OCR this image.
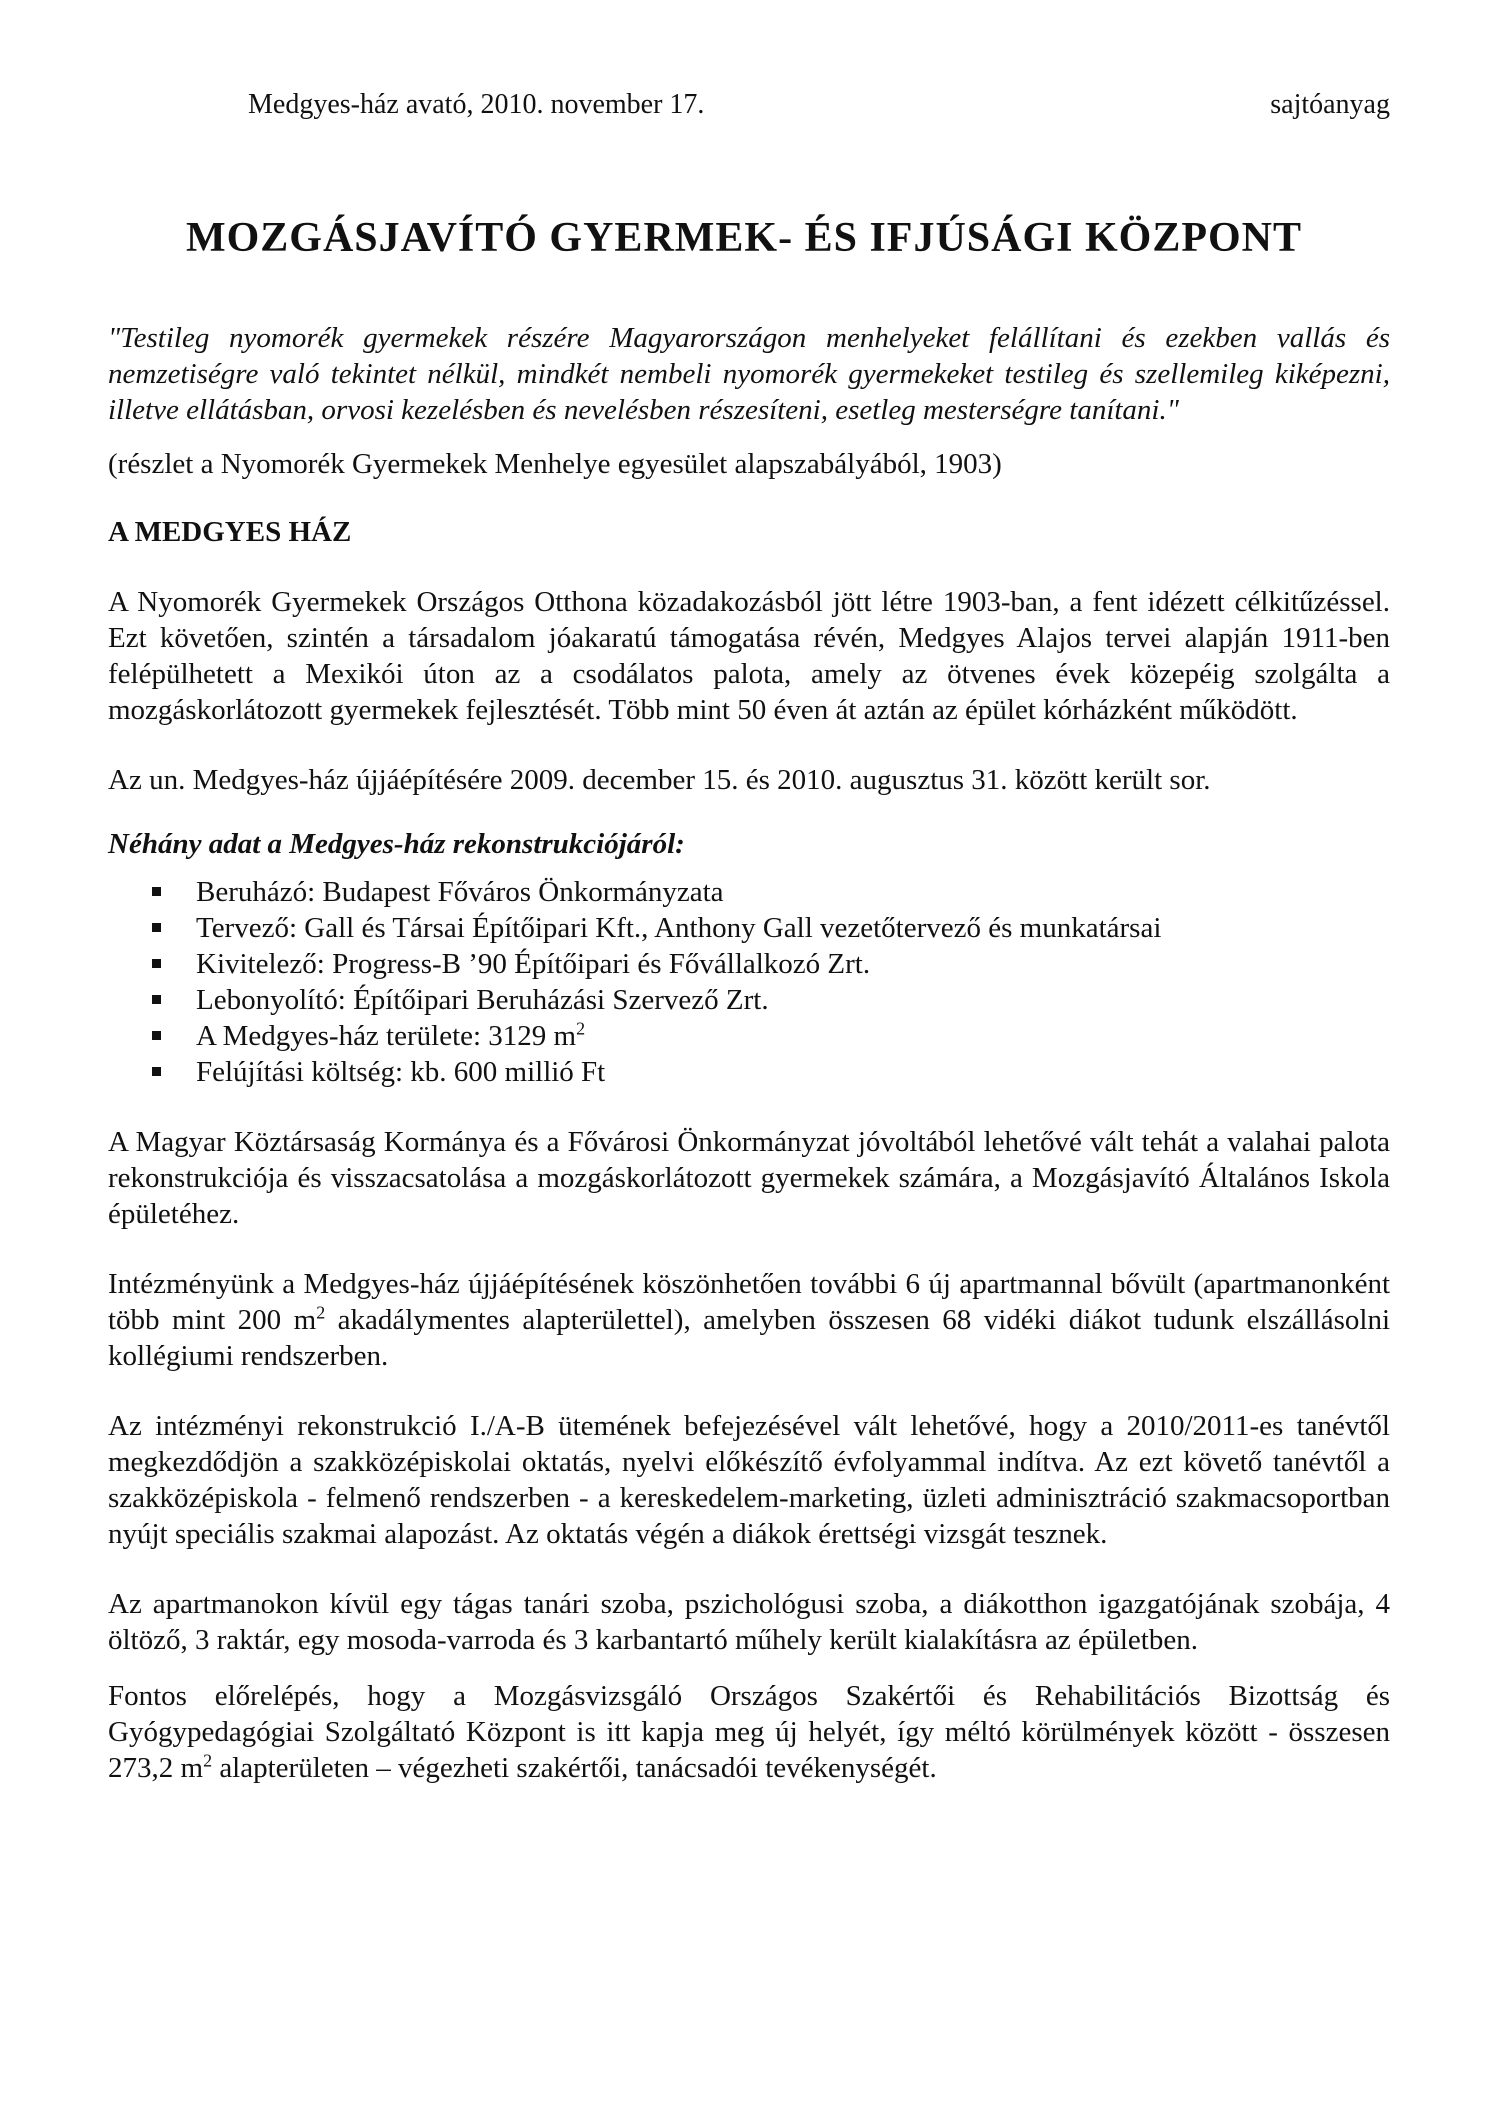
Medgyes-ház avató, 2010. november 17.	sajtóanyag
MOZGÁSJAVÍTÓ GYERMEK- ÉS IFJÚSÁGI KÖZPONT

"Testileg nyomorék gyermekek részére Magyarországon menhelyeket felállítani és ezekben vallás és nemzetiségre való tekintet nélkül, mindkét nembeli nyomorék gyermekeket testileg és szellemileg kiképezni, illetve ellátásban, orvosi kezelésben és nevelésben részesíteni, esetleg mesterségre tanítani."

(részlet a Nyomorék Gyermekek Menhelye egyesület alapszabályából, 1903)

A MEDGYES HÁZ

A Nyomorék Gyermekek Országos Otthona közadakozásból jött létre 1903-ban, a fent idézett célkitűzéssel. Ezt követően, szintén a társadalom jóakaratú támogatása révén, Medgyes Alajos tervei alapján 1911-ben felépülhetett a Mexikói úton az a csodálatos palota, amely az ötvenes évek közepéig szolgálta a mozgáskorlátozott gyermekek fejlesztését. Több mint 50 éven át aztán az épület kórházként működött.

Az un. Medgyes-ház újjáépítésére 2009. december 15. és 2010. augusztus 31. között került sor.

Néhány adat a Medgyes-ház rekonstrukciójáról:

Beruházó: Budapest Főváros Önkormányzata
Tervező: Gall és Társai Építőipari Kft., Anthony Gall vezetőtervező és munkatársai
Kivitelező: Progress-B ’90 Építőipari és Fővállalkozó Zrt.
Lebonyolító: Építőipari Beruházási Szervező Zrt.
A Medgyes-ház területe: 3129 $m^2$
Felújítási költség: kb. 600 millió Ft

A Magyar Köztársaság Kormánya és a Fővárosi Önkormányzat jóvoltából lehetővé vált tehát a valahai palota rekonstrukciója és visszacsatolása a mozgáskorlátozott gyermekek számára, a Mozgásjavító Általános Iskola épületéhez.

Intézményünk a Medgyes-ház újjáépítésének köszönhetően további 6 új apartmannal bővült (apartmanonként több mint 200 $m^2$ akadálymentes alapterülettel), amelyben összesen 68 vidéki diákot tudunk elszállásolni kollégiumi rendszerben.

Az intézményi rekonstrukció I./A-B ütemének befejezésével vált lehetővé, hogy a 2010/2011-es tanévtől megkezdődjön a szakközépiskolai oktatás, nyelvi előkészítő évfolyammal indítva. Az ezt követő tanévtől a szakközépiskola - felmenő rendszerben - a kereskedelem-marketing, üzleti adminisztráció szakmacsoportban nyújt speciális szakmai alapozást. Az oktatás végén a diákok érettségi vizsgát tesznek.

Az apartmanokon kívül egy tágas tanári szoba, pszichológusi szoba, a diákotthon igazgatójának szobája, 4 öltöző, 3 raktár, egy mosoda-varroda és 3 karbantartó műhely került kialakításra az épületben.

Fontos előrelépés, hogy a Mozgásvizsgáló Országos Szakértői és Rehabilitációs Bizottság és Gyógypedagógiai Szolgáltató Központ is itt kapja meg új helyét, így méltó körülmények között - összesen 273,2 $m^2$ alapterületen – végezheti szakértői, tanácsadói tevékenységét.
